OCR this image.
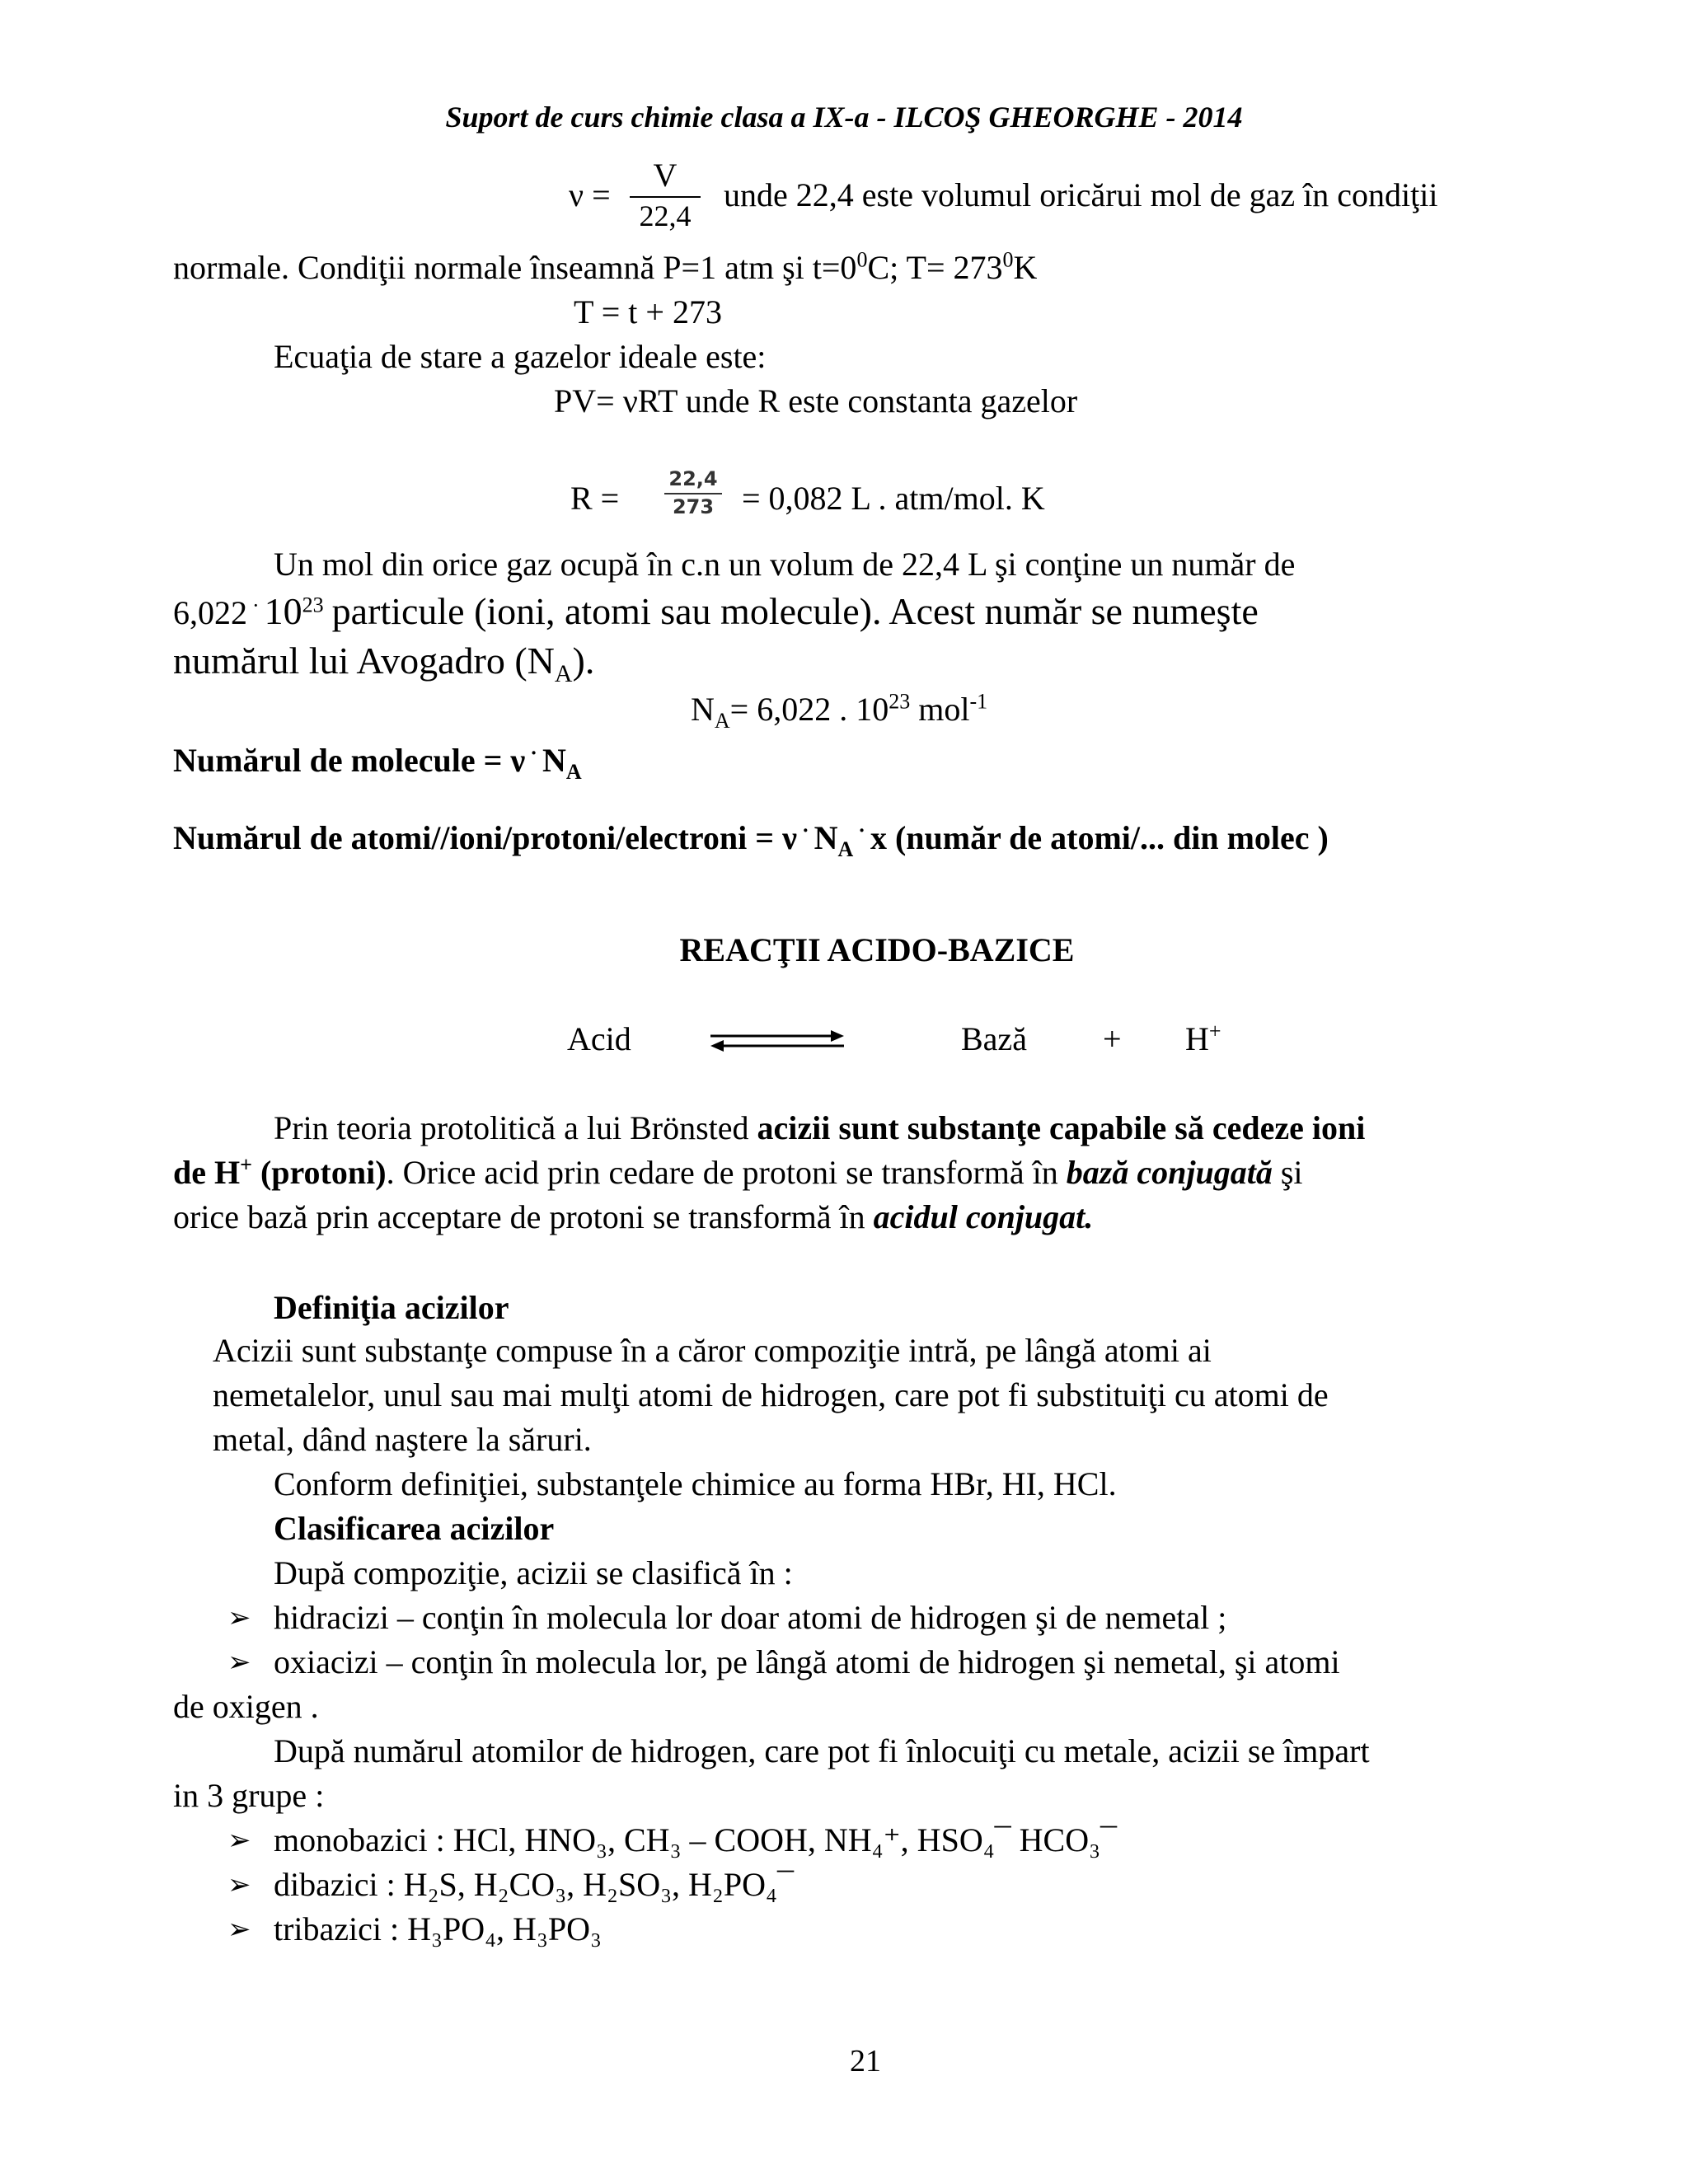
Suport de curs chimie clasa a IX-a - ILCOŞ GHEORGHE - 2014
ν =
V
22,4
unde 22,4 este volumul oricărui mol de gaz în condiţii
normale. Condiţii normale înseamnă P=1 atm şi $t=0^0C$; $T= 273^0K$
T = t + 273
Ecuaţia de stare a gazelor ideale este:
PV= νRT unde R este constanta gazelor
R =
22,4
273 = 0,082 L . atm/mol. K
Un mol din orice gaz ocupă în c.n un volum de 22,4 L şi conţine un număr de
6,022 · $10^{23}$ particule (ioni, atomi sau molecule). Acest număr se numeşte
numărul lui Avogadro $(N_A)$.
$N_A= 6,022$ . $10^{23}$ mol$^{-1}$
Numărul de molecule = ν · $N_A$
Numărul de atomi//ioni/protoni/electroni = ν · $N_A^\cdot$ x (număr de atomi/... din molec )
REACŢII ACIDO-BAZICE
Acid	Bază + H+
Prin teoria protolitică a lui Brönsted acizii sunt substanţe capabile să cedeze ioni
de H+ (protoni). Orice acid prin cedare de protoni se transformă în bază conjugată şi
orice bază prin acceptare de protoni se transformă în acidul conjugat.
Definiţia acizilor
Acizii sunt substanţe compuse în a căror compoziţie intră, pe lângă atomi ai
nemetalelor, unul sau mai mulţi atomi de hidrogen, care pot fi substituiţi cu atomi de
metal, dând naştere la săruri.
Conform definiţiei, substanţele chimice au forma HBr, HI, HCl.
Clasificarea acizilor
După compoziţie, acizii se clasifică în :
➢ hidracizi – conţin în molecula lor doar atomi de hidrogen şi de nemetal ;
➢ oxiacizi – conţin în molecula lor, pe lângă atomi de hidrogen şi nemetal, şi atomi
de oxigen .
După numărul atomilor de hidrogen, care pot fi înlocuiţi cu metale, acizii se împart
in 3 grupe :
➢ monobazici : HCl, HNO₃, CH₃ – COOH, NH₄⁺, HSO₄¯ HCO₃¯
➢ dibazici : H₂S, H₂CO₃, H₂SO₃, H₂PO₄¯
➢ tribazici : H₃PO₄, H₃PO₃
21
